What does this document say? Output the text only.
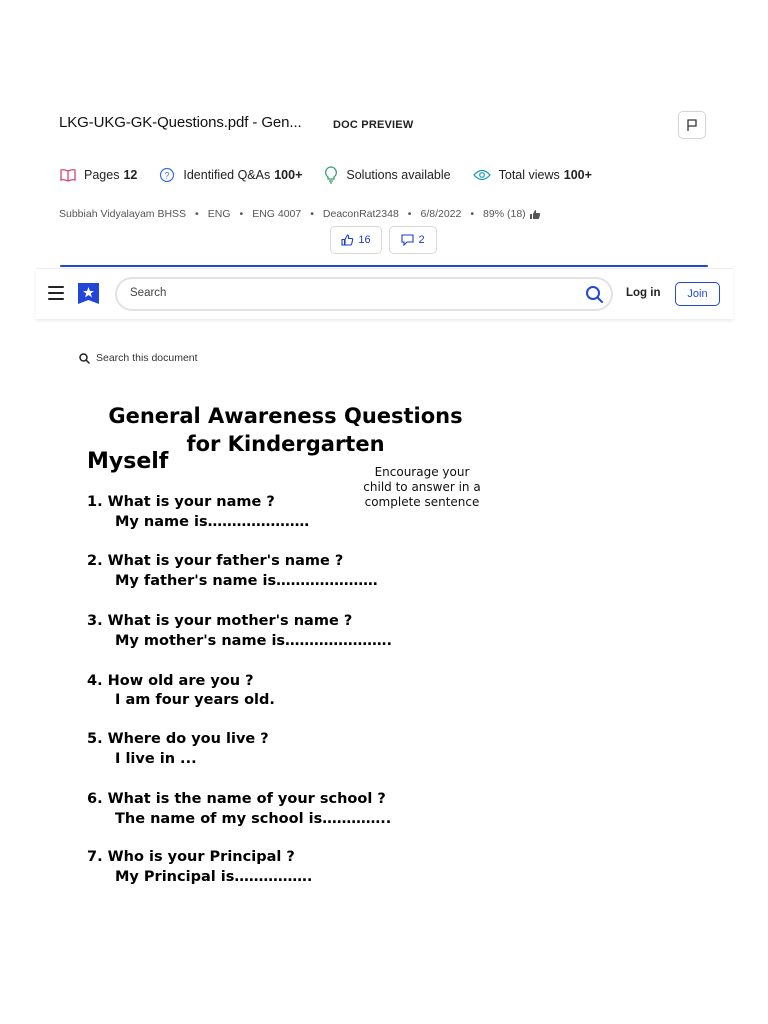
LKG-UKG-GK-Questions.pdf - Gen...	DOC PREVIEW
Pages 12	? Identified Q&As 100+	Solutions available	Total views 100+
Subbiah Vidyalayam BHSS • ENG • ENG 4007 • DeaconRat2348 • 6/8/2022 • 89% (18)
16	2
Search	Log in	Join
Search this document
General Awareness Questions
for Kindergarten
Myself	Encourage your child to answer in a complete sentence
1. What is your name ?
My name is…………………
2. What is your father's name ?
My father's name is…………………
3. What is your mother's name ?
My mother's name is………………….
4. How old are you ?
I am four years old.
5. Where do you live ?
I live in ...
6. What is the name of your school ?
The name of my school is…………..
7. Who is your Principal ?
My Principal is…………….
